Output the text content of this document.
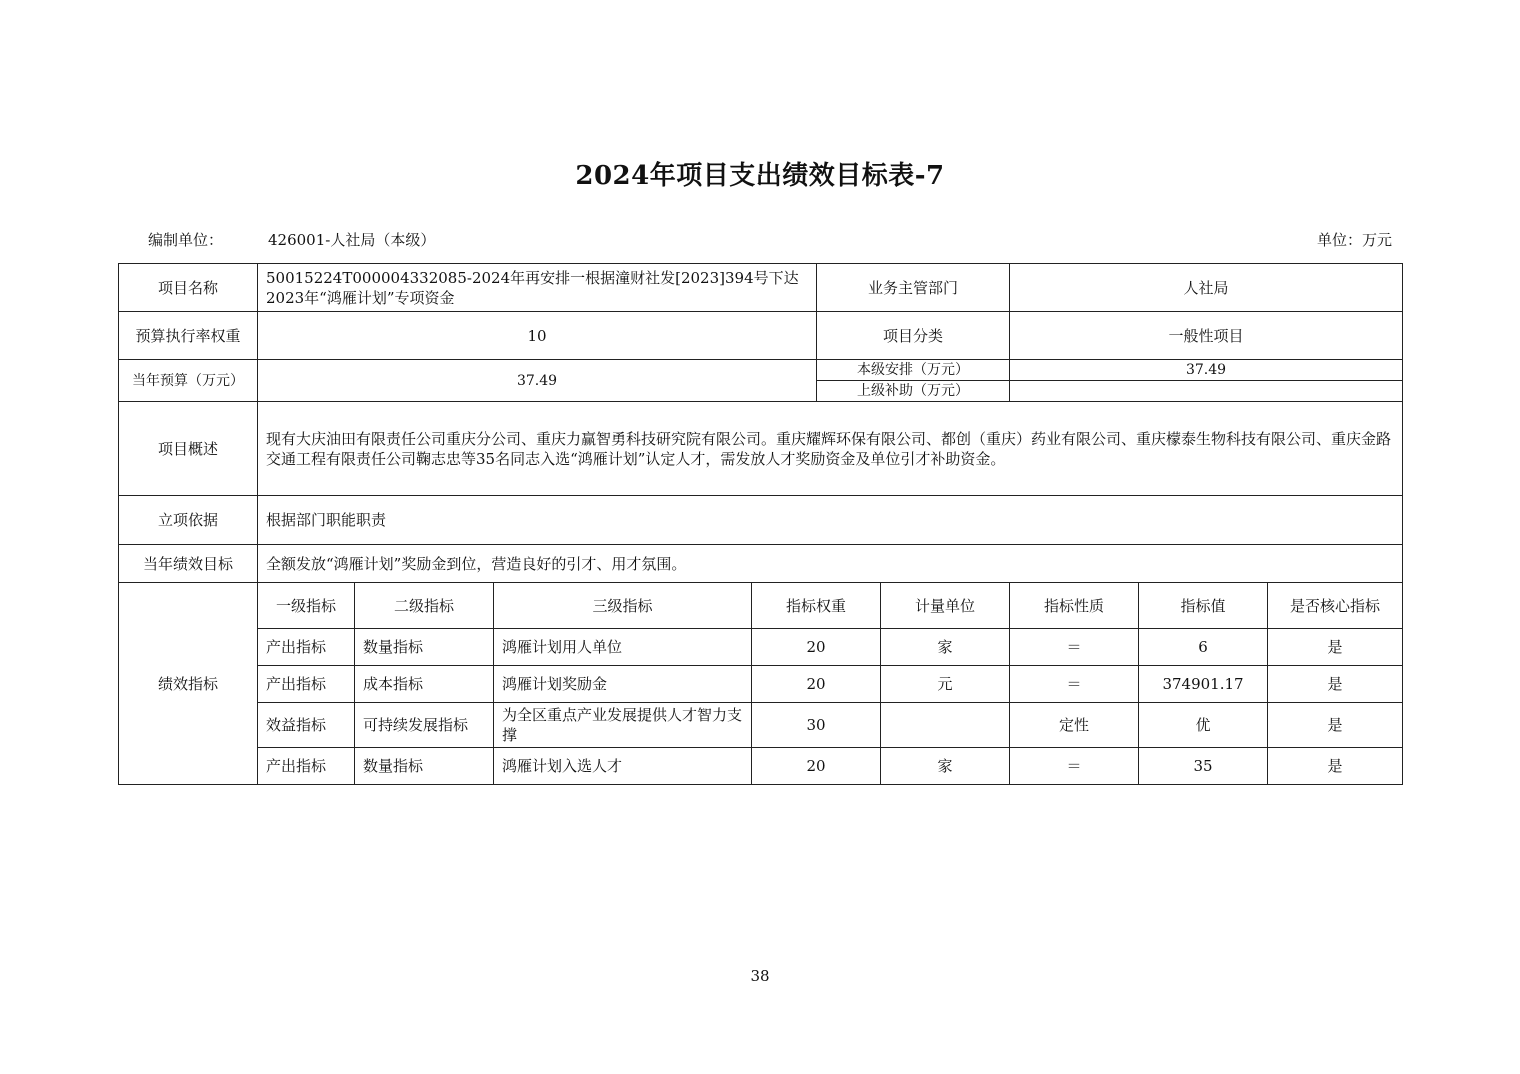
2024年项目支出绩效目标表-7
编制单位：	426001-人社局（本级）	单位：万元
项目名称	50015224T000004332085-2024年再安排一根据潼财社发[2023]394号下达2023年“鸿雁计划”专项资金				业务主管部门		人社局		
预算执行率权重	10				项目分类		一般性项目		
当年预算（万元）	37.49				本级安排（万元）		37.49		
					上级补助（万元）				
项目概述	现有大庆油田有限责任公司重庆分公司、重庆力赢智勇科技研究院有限公司。重庆耀辉环保有限公司、都创（重庆）药业有限公司、重庆檬泰生物科技有限公司、重庆金路交通工程有限责任公司鞠志忠等35名同志入选“鸿雁计划”认定人才，需发放人才奖励资金及单位引才补助资金。								
立项依据	根据部门职能职责								
当年绩效目标	全额发放“鸿雁计划”奖励金到位，营造良好的引才、用才氛围。								
绩效指标	一级指标	二级指标	三级指标	指标权重		计量单位	指标性质	指标值	是否核心指标
	产出指标	数量指标	鸿雁计划用人单位	20		家	＝	6	是
	产出指标	成本指标	鸿雁计划奖励金	20		元	＝	374901.17	是
	效益指标	可持续发展指标	为全区重点产业发展提供人才智力支撑	30			定性	优	是
	产出指标	数量指标	鸿雁计划入选人才	20		家	＝	35	是
38
